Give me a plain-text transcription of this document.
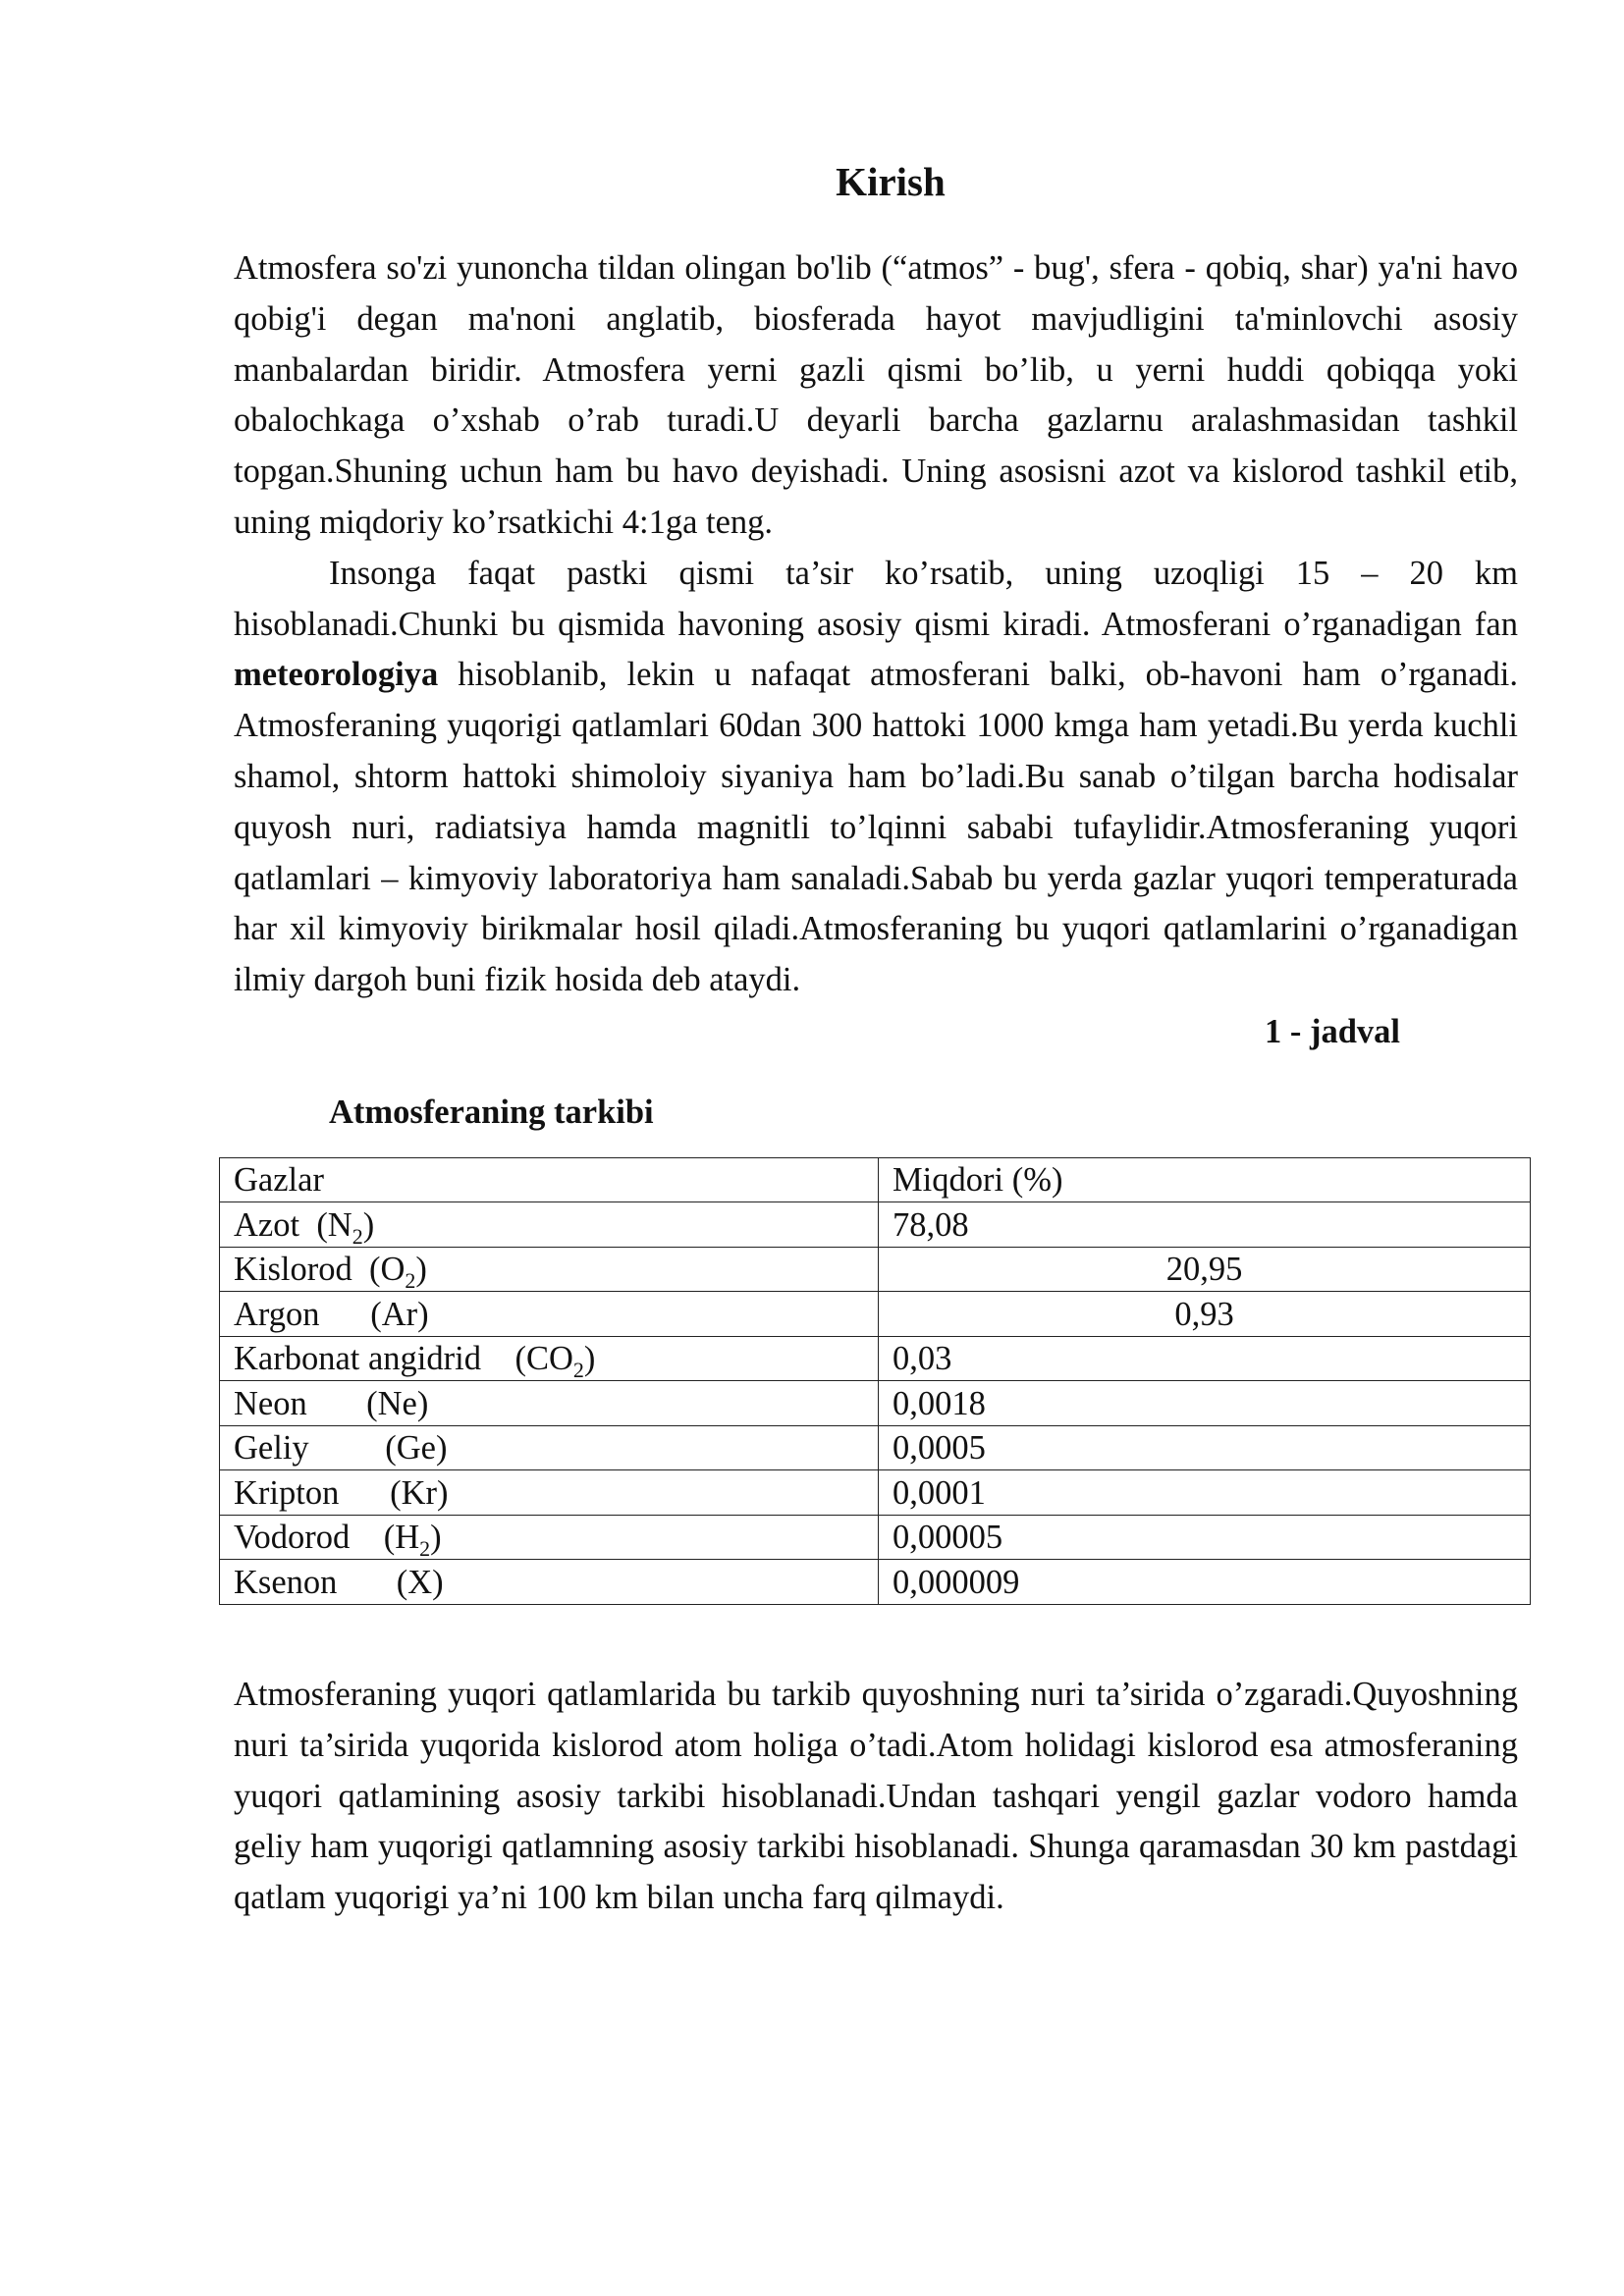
Kirish

Atmosfera so'zi yunoncha tildan olingan bo'lib (“atmos” - bug', sfera - qobiq, shar) ya'ni havo qobig'i degan ma'noni anglatib, biosferada hayot mavjudligini ta'minlovchi asosiy manbalardan biridir. Atmosfera yerni gazli qismi bo’lib, u yerni huddi qobiqqa yoki obalochkaga o’xshab o’rab turadi.U deyarli barcha gazlarnu aralashmasidan tashkil topgan.Shuning uchun ham bu havo deyishadi. Uning asosisni azot va kislorod tashkil etib, uning miqdoriy ko’rsatkichi 4:1ga teng.

Insonga faqat pastki qismi ta’sir ko’rsatib, uning uzoqligi 15 – 20 km hisoblanadi.Chunki bu qismida havoning asosiy qismi kiradi. Atmosferani o’rganadigan fan meteorologiya hisoblanib, lekin u nafaqat atmosferani balki, ob-havoni ham o’rganadi. Atmosferaning yuqorigi qatlamlari 60dan 300 hattoki 1000 kmga ham yetadi.Bu yerda kuchli shamol, shtorm hattoki shimoloiy siyaniya ham bo’ladi.Bu sanab o’tilgan barcha hodisalar quyosh nuri, radiatsiya hamda magnitli to’lqinni sababi tufaylidir.Atmosferaning yuqori qatlamlari – kimyoviy laboratoriya ham sanaladi.Sabab bu yerda gazlar yuqori temperaturada har xil kimyoviy birikmalar hosil qiladi.Atmosferaning bu yuqori qatlamlarini o’rganadigan ilmiy dargoh buni fizik hosida deb ataydi.

1 - jadval

Atmosferaning tarkibi
Gazlar	Miqdori (%)
Azot  $(N_2)$	78,08
Kislorod  $(O_2)$	20,95
Argon      (Ar)	0,93
Karbonat angidrid    $(CO_2)$	0,03
Neon       (Ne)	0,0018
Geliy         (Ge)	0,0005
Kripton      (Kr)	0,0001
Vodorod    $(H_2)$	0,00005
Ksenon       (X)	0,000009

Atmosferaning yuqori qatlamlarida bu tarkib quyoshning nuri ta’sirida o’zgaradi.Quyoshning nuri ta’sirida yuqorida kislorod atom holiga o’tadi.Atom holidagi kislorod esa atmosferaning yuqori qatlamining asosiy tarkibi hisoblanadi.Undan tashqari yengil gazlar vodoro hamda geliy ham yuqorigi qatlamning asosiy tarkibi hisoblanadi. Shunga qaramasdan 30 km pastdagi qatlam yuqorigi ya’ni 100 km bilan uncha farq qilmaydi.
